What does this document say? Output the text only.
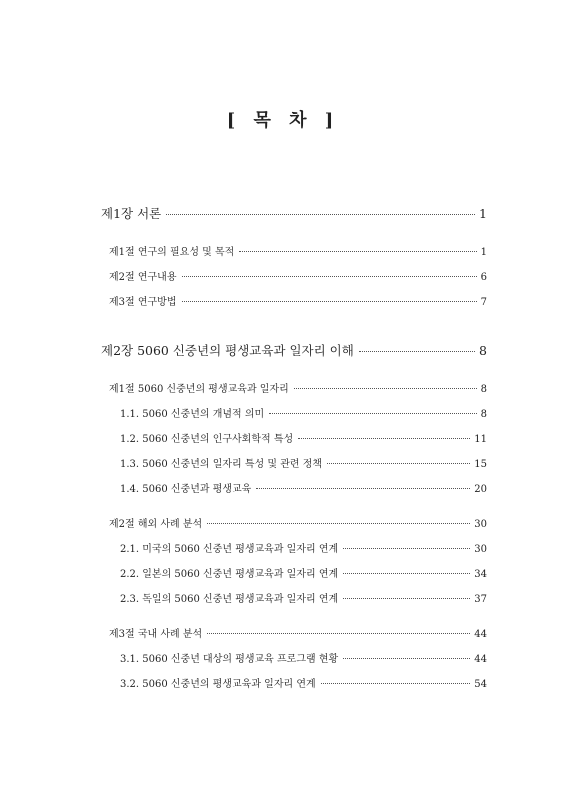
[ 목 차 ]
제1장 서론	1
제1절 연구의 필요성 및 목적	1
제2절 연구내용	6
제3절 연구방법	7
제2장 5060 신중년의 평생교육과 일자리 이해	8
제1절 5060 신중년의 평생교육과 일자리	8
1.1. 5060 신중년의 개념적 의미	8
1.2. 5060 신중년의 인구사회학적 특성	11
1.3. 5060 신중년의 일자리 특성 및 관련 정책	15
1.4. 5060 신중년과 평생교육	20
제2절 해외 사례 분석	30
2.1. 미국의 5060 신중년 평생교육과 일자리 연계	30
2.2. 일본의 5060 신중년 평생교육과 일자리 연계	34
2.3. 독일의 5060 신중년 평생교육과 일자리 연계	37
제3절 국내 사례 분석	44
3.1. 5060 신중년 대상의 평생교육 프로그램 현황	44
3.2. 5060 신중년의 평생교육과 일자리 연계	54
